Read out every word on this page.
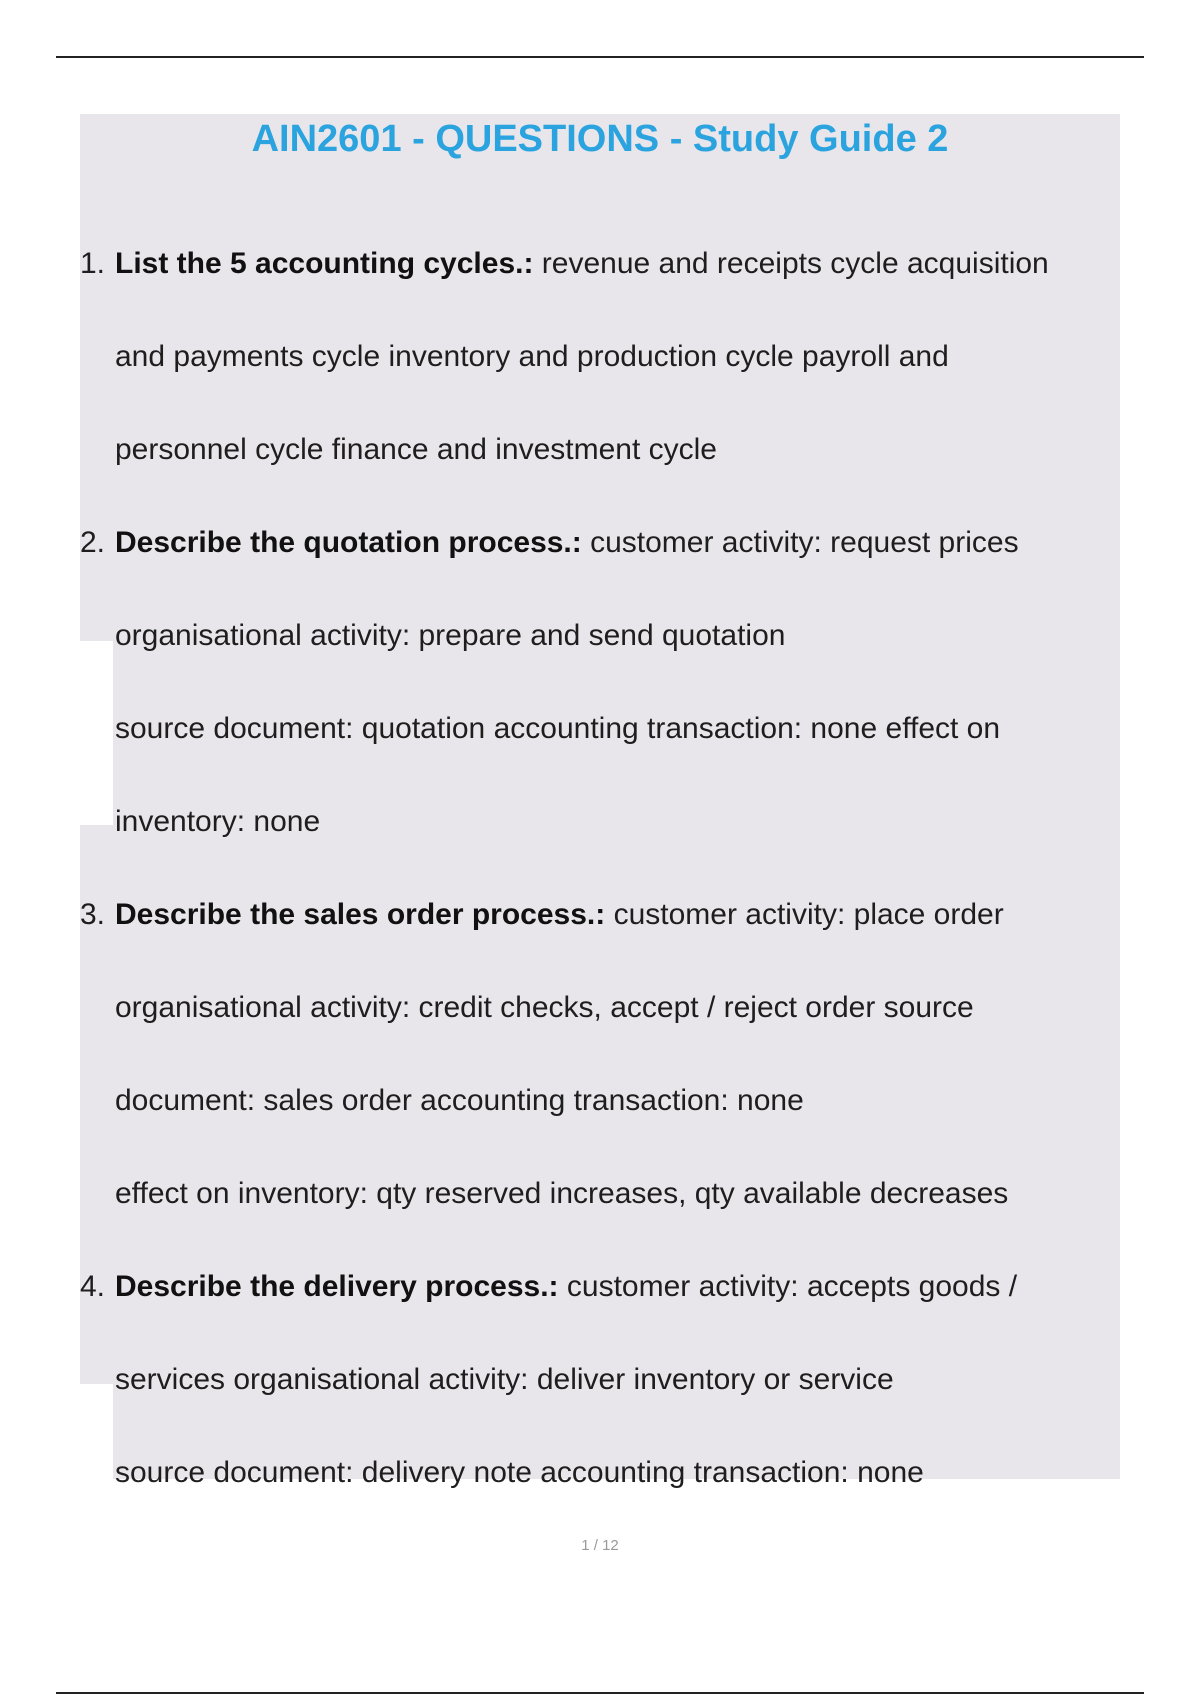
AIN2601 - QUESTIONS - Study Guide 2
1. List the 5 accounting cycles.: revenue and receipts cycle acquisition
and payments cycle inventory and production cycle payroll and
personnel cycle finance and investment cycle
2. Describe the quotation process.: customer activity: request prices
organisational activity: prepare and send quotation
source document: quotation accounting transaction: none effect on
inventory: none
3. Describe the sales order process.: customer activity: place order
organisational activity: credit checks, accept / reject order source
document: sales order accounting transaction: none
effect on inventory: qty reserved increases, qty available decreases
4. Describe the delivery process.: customer activity: accepts goods /
services organisational activity: deliver inventory or service
source document: delivery note accounting transaction: none
1 / 12
